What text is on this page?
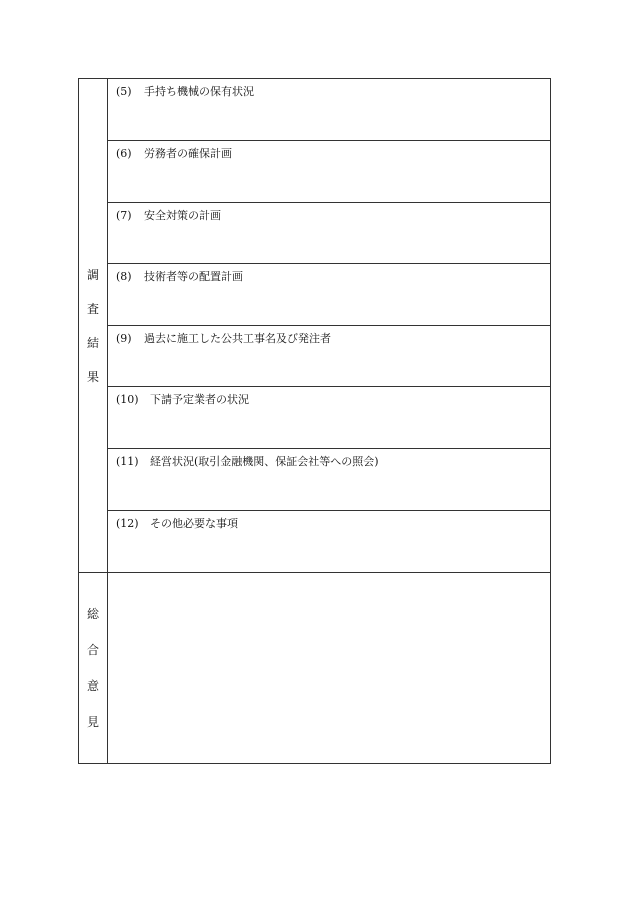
調
査
結
果
(5) 手持ち機械の保有状況
(6) 労務者の確保計画
(7) 安全対策の計画
(8) 技術者等の配置計画
(9) 過去に施工した公共工事名及び発注者
(10) 下請予定業者の状況
(11) 経営状況(取引金融機関、保証会社等への照会)
(12) その他必要な事項
総
合
意
見
